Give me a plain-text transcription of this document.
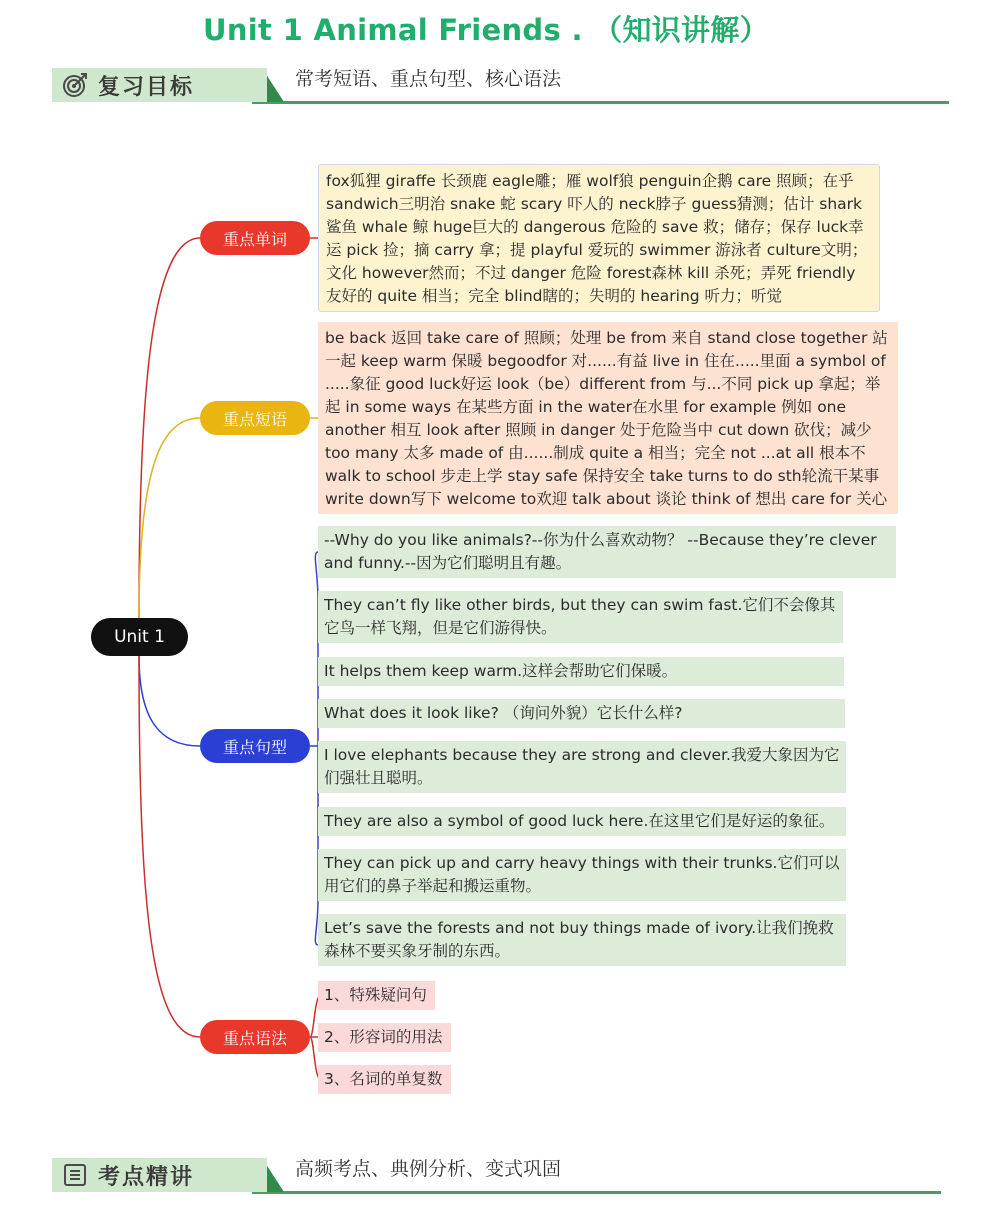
Unit 1 Animal Friends . （知识讲解）
复习目标	常考短语、重点句型、核心语法
Unit 1
重点单词
重点短语
重点句型
重点语法
fox狐狸 giraffe 长颈鹿 eagle雕；雁 wolf狼 penguin企鹅 care 照顾；在乎 sandwich三明治 snake 蛇 scary 吓人的 neck脖子 guess猜测；估计 shark 鲨鱼 whale 鲸 huge巨大的 dangerous 危险的 save 救；储存；保存 luck幸运 pick 捡；摘 carry 拿；提 playful 爱玩的 swimmer 游泳者 culture文明；文化 however然而；不过 danger 危险 forest森林 kill 杀死；弄死 friendly 友好的 quite 相当；完全 blind瞎的；失明的 hearing 听力；听觉
be back 返回 take care of 照顾；处理 be from 来自 stand close together 站一起 keep warm 保暖 begoodfor 对......有益 live in 住在.....里面 a symbol of .....象征 good luck好运 look（be）different from 与...不同 pick up 拿起；举起 in some ways 在某些方面 in the water在水里 for example 例如 one another 相互 look after 照顾 in danger 处于危险当中 cut down 砍伐；减少 too many 太多 made of 由......制成 quite a 相当；完全 not ...at all 根本不 walk to school 步走上学 stay safe 保持安全 take turns to do sth轮流干某事 write down写下 welcome to欢迎 talk about 谈论 think of 想出 care for 关心
--Why do you like animals?--你为什么喜欢动物？ --Because they’re clever and funny.--因为它们聪明且有趣。
They can’t fly like other birds, but they can swim fast.它们不会像其它鸟一样飞翔，但是它们游得快。
It helps them keep warm.这样会帮助它们保暖。
What does it look like? （询问外貌）它长什么样?
I love elephants because they are strong and clever.我爱大象因为它们强壮且聪明。
They are also a symbol of good luck here.在这里它们是好运的象征。
They can pick up and carry heavy things with their trunks.它们可以用它们的鼻子举起和搬运重物。
Let’s save the forests and not buy things made of ivory.让我们挽救森林不要买象牙制的东西。
1、特殊疑问句
2、形容词的用法
3、名词的单复数
考点精讲	高频考点、典例分析、变式巩固
